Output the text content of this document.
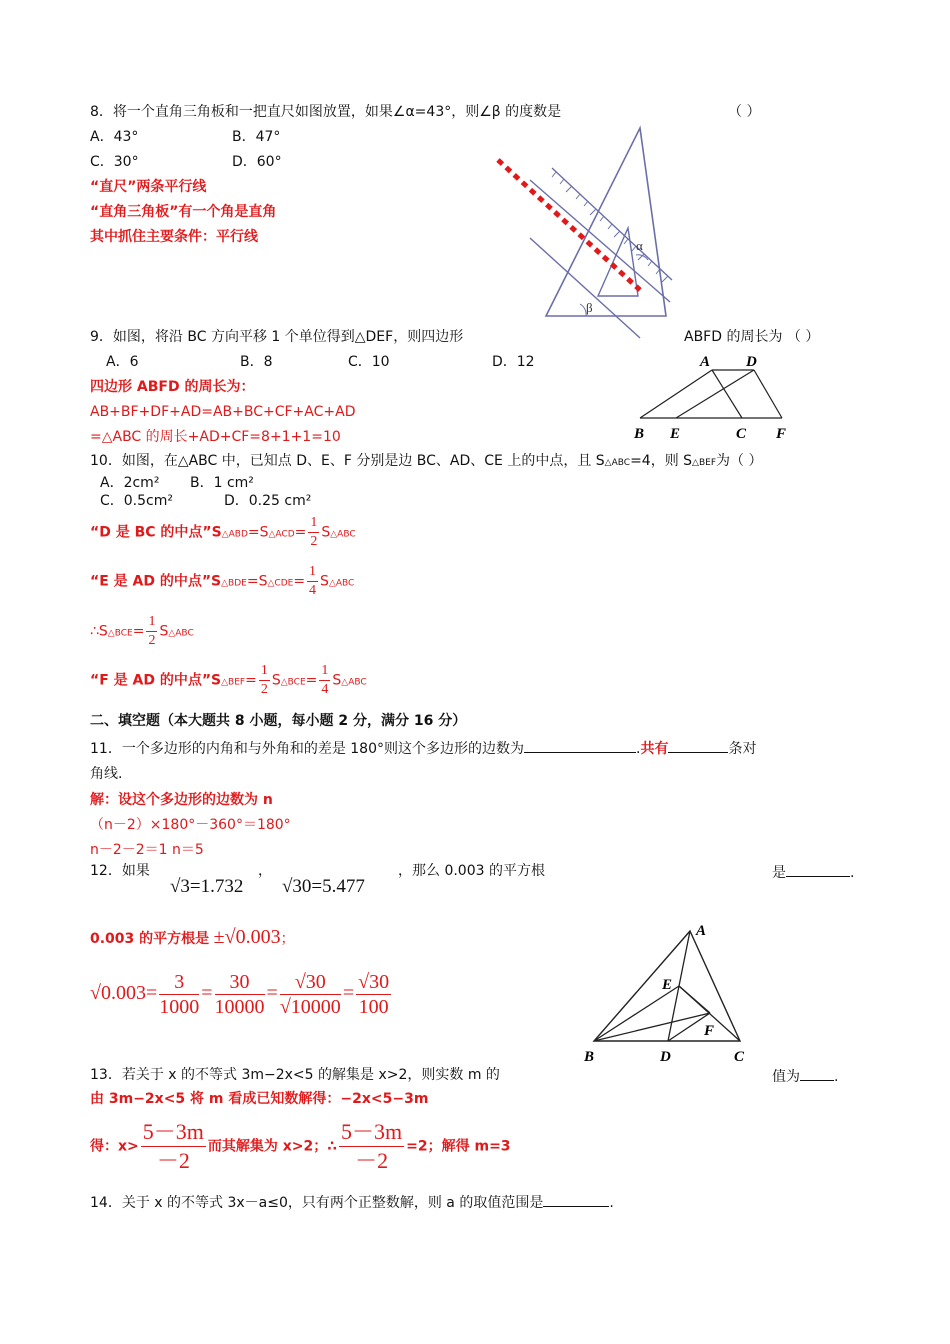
8．将一个直角三角板和一把直尺如图放置，如果∠α=43°，则∠β 的度数是	（ ）
A．43°	B．47°
C．30°	D．60°
“直尺”两条平行线
“直角三角板”有一个角是直角
其中抓住主要条件：平行线
α
β
9．如图，将沿 BC 方向平移 1 个单位得到△DEF，则四边形	ABFD 的周长为 （ ）
A．6	B．8	C．10	D．12
四边形 ABFD 的周长为：
AB+BF+DF+AD=AB+BC+CF+AC+AD
=△ABC 的周长+AD+CF=8+1+1=10
A D
B E	C F
10．如图，在△ABC 中，已知点 D、E、F 分别是边 BC、AD、CE 上的中点，且 S△ABC=4，则 S△BEF为（ ）
A．2cm² B．1 cm²
C．0.5cm²	D．0.25 cm²
“D 是 BC 的中点”S△ABD=S△ACD= $\frac{1}{2}$ S△ABC
“E 是 AD 的中点”S△BDE=S△CDE= $\frac{1}{4}$ S△ABC
∴S△BCE= $\frac{1}{2}$ S△ABC
“F 是 AD 的中点”S△BEF= $\frac{1}{2}$ S△BCE= $\frac{1}{4}$ S△ABC
二、填空题（本大题共 8 小题，每小题 2 分，满分 16 分）
11．一个多边形的内角和与外角和的差是 180°则这个多边形的边数为	.共有	条对
角线.
解：设这个多边形的边数为 n
（n－2）×180°－360°＝180°
n－2－2＝1 n＝5
12．如果
√3=1.732
，
√30=5.477
，那么 0.003 的平方根	是	.
0.003 的平方根是 ±√0.003；
$√0.003= \frac{3}{1000} = \frac{30}{10000} = \frac{√30}{√10000} = \frac{√30}{100}$
A
B	C
D
E
F
13．若关于 x 的不等式 3m−2x<5 的解集是 x>2，则实数 m 的	值为 .
由 3m−2x<5 将 m 看成已知数解得：−2x<5−3m
得：$x> \frac{5-3m}{-2}$ 而其解集为 x>2；∴ $\frac{5-3m}{-2} =2$；解得 m=3
14．关于 x 的不等式 3x－a≤0，只有两个正整数解，则 a 的取值范围是	.
